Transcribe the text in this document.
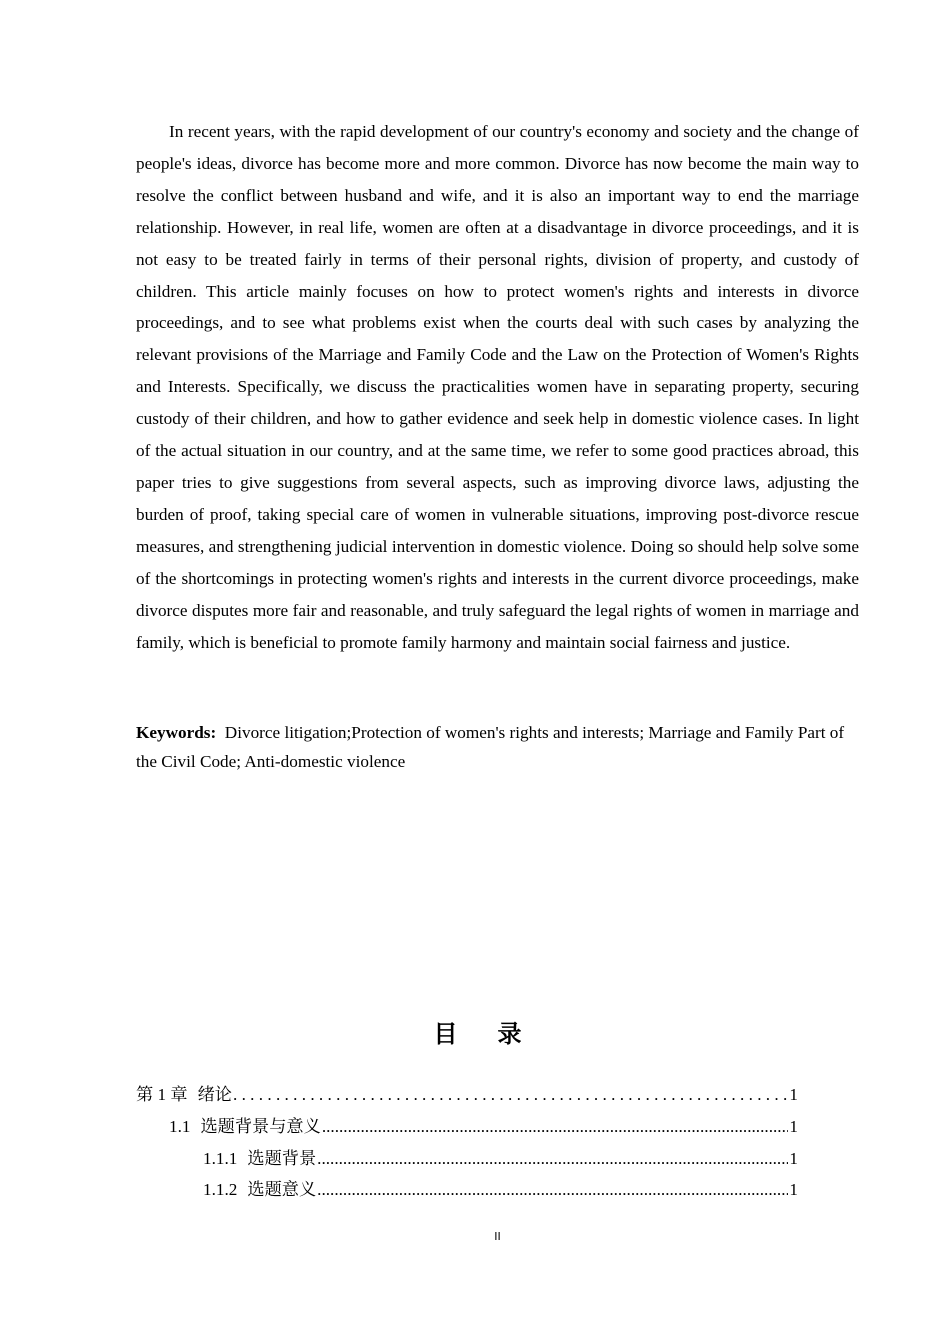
In recent years, with the rapid development of our country's economy and society and the change of people's ideas, divorce has become more and more common. Divorce has now become the main way to resolve the conflict between husband and wife, and it is also an important way to end the marriage relationship. However, in real life, women are often at a disadvantage in divorce proceedings, and it is not easy to be treated fairly in terms of their personal rights, division of property, and custody of children. This article mainly focuses on how to protect women's rights and interests in divorce proceedings, and to see what problems exist when the courts deal with such cases by analyzing the relevant provisions of the Marriage and Family Code and the Law on the Protection of Women's Rights and Interests. Specifically, we discuss the practicalities women have in separating property, securing custody of their children, and how to gather evidence and seek help in domestic violence cases. In light of the actual situation in our country, and at the same time, we refer to some good practices abroad, this paper tries to give suggestions from several aspects, such as improving divorce laws, adjusting the burden of proof, taking special care of women in vulnerable situations, improving post-divorce rescue measures, and strengthening judicial intervention in domestic violence. Doing so should help solve some of the shortcomings in protecting women's rights and interests in the current divorce proceedings, make divorce disputes more fair and reasonable, and truly safeguard the legal rights of women in marriage and family, which is beneficial to promote family harmony and maintain social fairness and justice.

Keywords: Divorce litigation;Protection of women's rights and interests; Marriage and Family Part of the Civil Code; Anti-domestic violence

目录
第 1 章 绪论 . . .	1
1.1 选题背景与意义 .....	1
1.1.1 选题背景 .....	1
1.1.2 选题意义 .....	1
II
